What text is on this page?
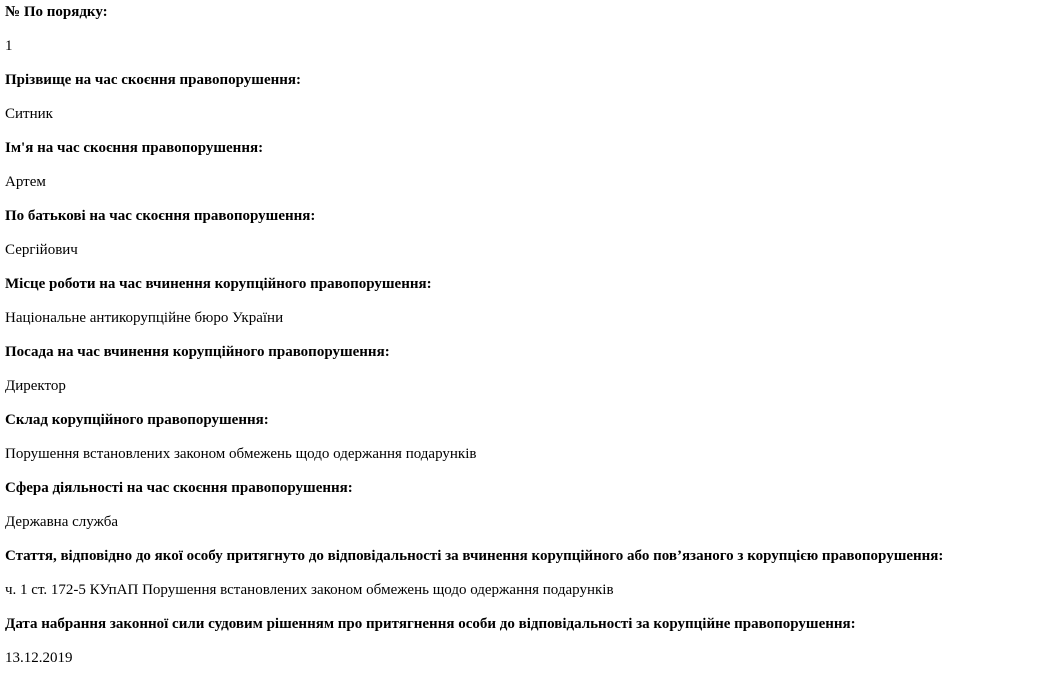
№ По порядку:
1
Прізвище на час скоєння правопорушення:
Ситник
Ім'я на час скоєння правопорушення:
Артем
По батькові на час скоєння правопорушення:
Сергійович
Місце роботи на час вчинення корупційного правопорушення:
Національне антикорупційне бюро України
Посада на час вчинення корупційного правопорушення:
Директор
Склад корупційного правопорушення:
Порушення встановлених законом обмежень щодо одержання подарунків
Сфера діяльності на час скоєння правопорушення:
Державна служба
Стаття, відповідно до якої особу притягнуто до відповідальності за вчинення корупційного або пов’язаного з корупцією правопорушення:
ч. 1 ст. 172-5 КУпАП Порушення встановлених законом обмежень щодо одержання подарунків
Дата набрання законної сили судовим рішенням про притягнення особи до відповідальності за корупційне правопорушення:
13.12.2019
